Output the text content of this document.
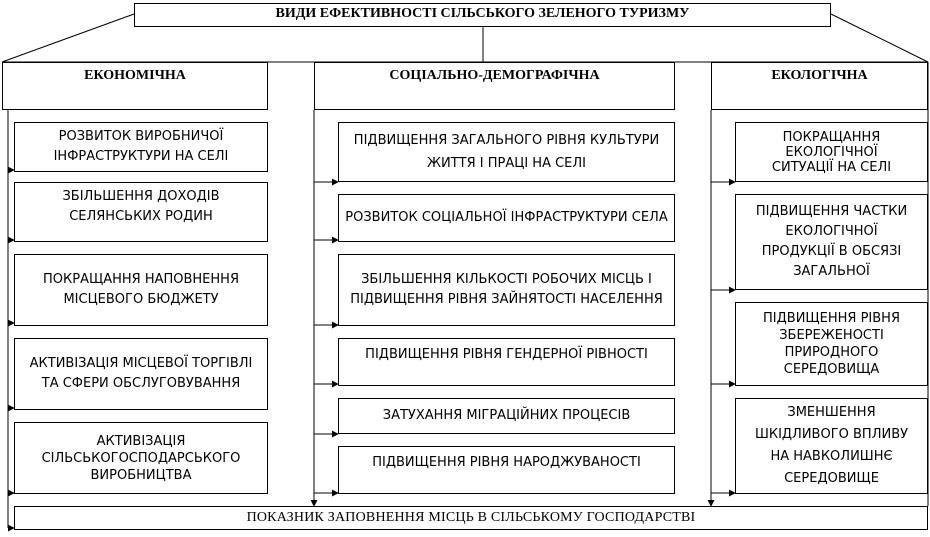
ВИДИ ЕФЕКТИВНОСТІ СІЛЬСЬКОГО ЗЕЛЕНОГО ТУРИЗМУ
ЕКОНОМІЧНА	СОЦІАЛЬНО-ДЕМОГРАФІЧНА	ЕКОЛОГІЧНА
РОЗВИТОК ВИРОБНИЧОЇ ІНФРАСТРУКТУРИ НА СЕЛІ
ЗБІЛЬШЕННЯ ДОХОДІВ СЕЛЯНСЬКИХ РОДИН
ПОКРАЩАННЯ НАПОВНЕННЯ МІСЦЕВОГО БЮДЖЕТУ
АКТИВІЗАЦІЯ МІСЦЕВОЇ ТОРГІВЛІ ТА СФЕРИ ОБСЛУГОВУВАННЯ
АКТИВІЗАЦІЯ СІЛЬСЬКОГОСПОДАРСЬКОГО ВИРОБНИЦТВА
ПІДВИЩЕННЯ ЗАГАЛЬНОГО РІВНЯ КУЛЬТУРИ ЖИТТЯ І ПРАЦІ НА СЕЛІ
РОЗВИТОК СОЦІАЛЬНОЇ ІНФРАСТРУКТУРИ СЕЛА
ЗБІЛЬШЕННЯ КІЛЬКОСТІ РОБОЧИХ МІСЦЬ І ПІДВИЩЕННЯ РІВНЯ ЗАЙНЯТОСТІ НАСЕЛЕННЯ
ПІДВИЩЕННЯ РІВНЯ ГЕНДЕРНОЇ РІВНОСТІ
ЗАТУХАННЯ МІГРАЦІЙНИХ ПРОЦЕСІВ
ПІДВИЩЕННЯ РІВНЯ НАРОДЖУВАНОСТІ
ПОКРАЩАННЯ ЕКОЛОГІЧНОЇ СИТУАЦІЇ НА СЕЛІ
ПІДВИЩЕННЯ ЧАСТКИ ЕКОЛОГІЧНОЇ ПРОДУКЦІЇ В ОБСЯЗІ ЗАГАЛЬНОЇ
ПІДВИЩЕННЯ РІВНЯ ЗБЕРЕЖЕНОСТІ ПРИРОДНОГО СЕРЕДОВИЩА
ЗМЕНШЕННЯ ШКІДЛИВОГО ВПЛИВУ НА НАВКОЛИШНЄ СЕРЕДОВИЩЕ
ПОКАЗНИК ЗАПОВНЕННЯ МІСЦЬ В СІЛЬСЬКОМУ ГОСПОДАРСТВІ
